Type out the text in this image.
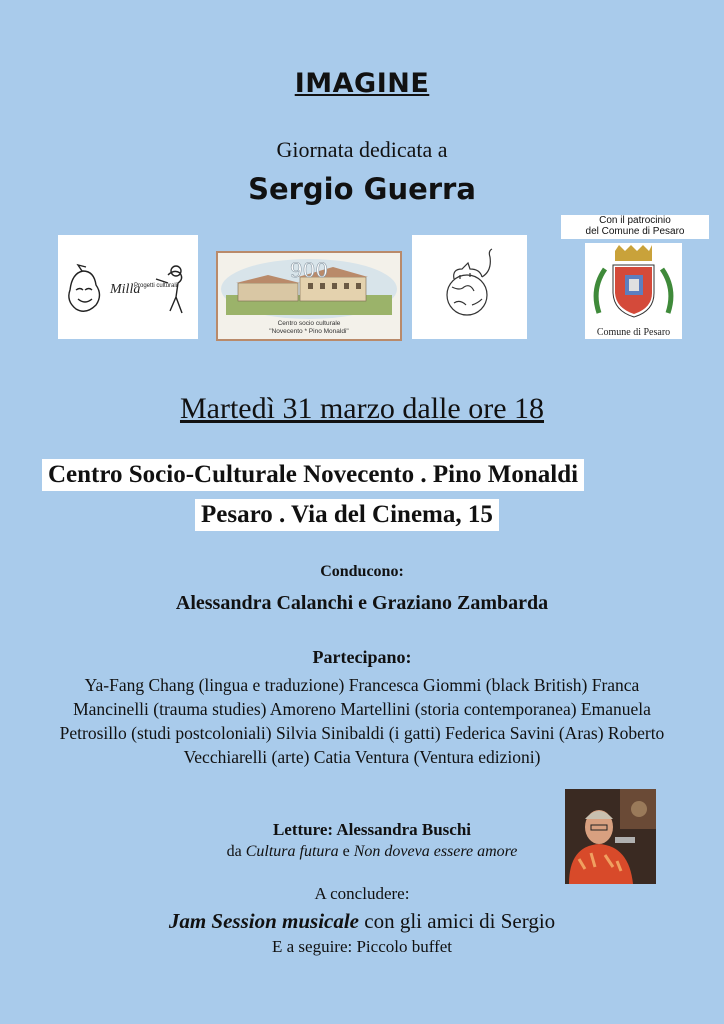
IMAGINE
Giornata dedicata a
Sergio Guerra
Milla
Progetti culturali
900
Centro socio culturale
"Novecento * Pino Monaldi"
Con il patrocinio
del Comune di Pesaro
Comune di Pesaro
Martedì 31 marzo dalle ore 18
Centro Socio-Culturale Novecento . Pino Monaldi
Pesaro . Via del Cinema, 15
Conducono:
Alessandra Calanchi e Graziano Zambarda
Partecipano:
Ya-Fang Chang (lingua e traduzione) Francesca Giommi (black British) Franca Mancinelli (trauma studies) Amoreno Martellini (storia contemporanea) Emanuela Petrosillo (studi postcoloniali) Silvia Sinibaldi (i gatti) Federica Savini (Aras) Roberto Vecchiarelli (arte) Catia Ventura (Ventura edizioni)
Letture: Alessandra Buschi
da Cultura futura e Non doveva essere amore
A concludere:
Jam Session musicale con gli amici di Sergio
E a seguire: Piccolo buffet
